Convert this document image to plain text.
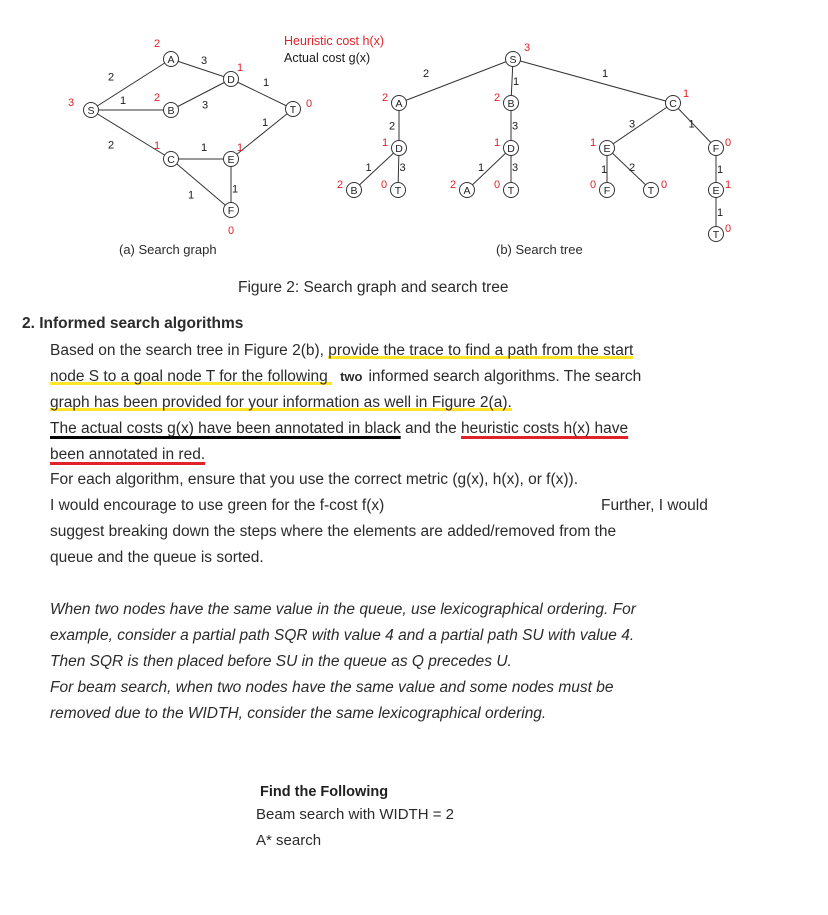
2
1
2
3
3
1
1
1
1
1
S
3
A
2
B
2
C
1
D
1
E
1
F
0
T 0
2
2
1	3
1
3
1	3
1
3
1 2
1
1
1
S
3
A
2
D
1
B
2	T
0
B
2
D
1
A
2	T
0
C
1
E
1
F
0	T 0
F 0
E 1
T 0
Heuristic cost h(x)
Actual cost g(x)
(a) Search graph	(b) Search tree
Figure 2: Search graph and search tree
2. Informed search algorithms
Based on the search tree in Figure 2(b), provide the trace to find a path from the start
node S to a goal node T for the following two informed search algorithms. The search
graph has been provided for your information as well in Figure 2(a).
The actual costs g(x) have been annotated in black and the heuristic costs h(x) have
been annotated in red.
For each algorithm, ensure that you use the correct metric (g(x), h(x), or f(x)).
I would encourage to use green for the f-cost f(x)	Further, I would
suggest breaking down the steps where the elements are added/removed from the
queue and the queue is sorted.
When two nodes have the same value in the queue, use lexicographical ordering. For
example, consider a partial path SQR with value 4 and a partial path SU with value 4.
Then SQR is then placed before SU in the queue as Q precedes U.
For beam search, when two nodes have the same value and some nodes must be
removed due to the WIDTH, consider the same lexicographical ordering.
Find the Following
Beam search with WIDTH = 2
A* search
